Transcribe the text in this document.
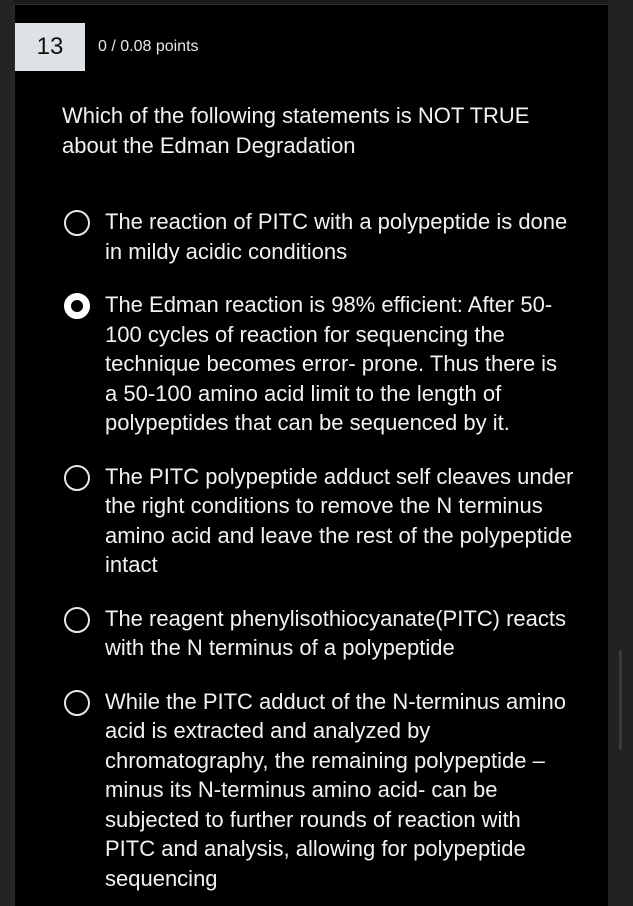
13	0 / 0.08 points
Which of the following statements is NOT TRUE about the Edman Degradation
The reaction of PITC with a polypeptide is done in mildy acidic conditions
The Edman reaction is 98% efficient: After 50-100 cycles of reaction for sequencing the technique becomes error- prone. Thus there is a 50-100 amino acid limit to the length of polypeptides that can be sequenced by it.
The PITC polypeptide adduct self cleaves under the right conditions to remove the N terminus amino acid and leave the rest of the polypeptide intact
The reagent phenylisothiocyanate(PITC) reacts with the N terminus of a polypeptide
While the PITC adduct of the N-terminus amino acid is extracted and analyzed by chromatography, the remaining polypeptide – minus its N-terminus amino acid- can be subjected to further rounds of reaction with PITC and analysis, allowing for polypeptide sequencing
